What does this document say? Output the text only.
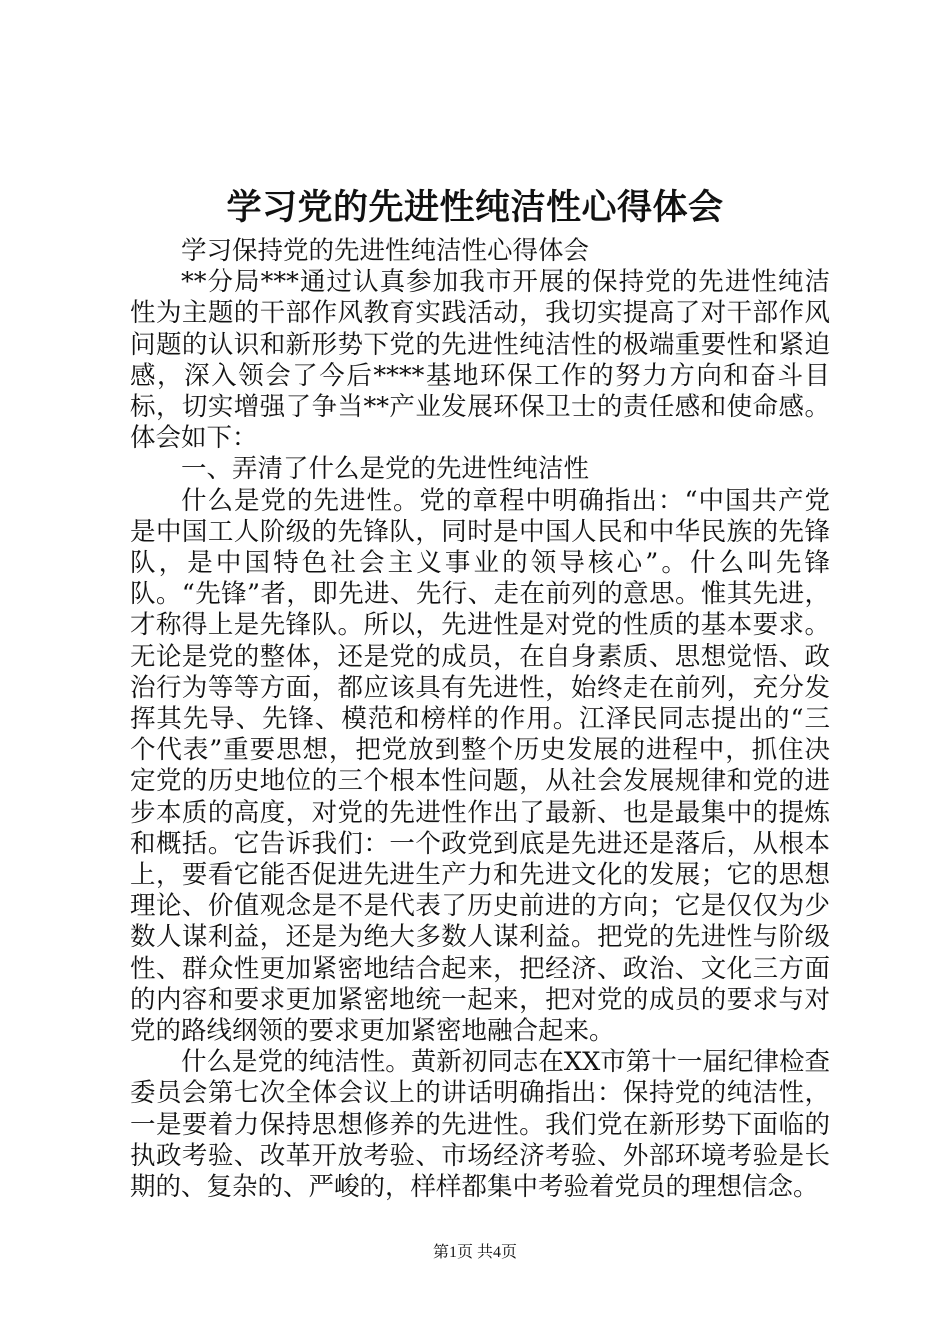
学习党的先进性纯洁性心得体会

学习保持党的先进性纯洁性心得体会

**分局***通过认真参加我市开展的保持党的先进性纯洁性为主题的干部作风教育实践活动，我切实提高了对干部作风问题的认识和新形势下党的先进性纯洁性的极端重要性和紧迫感，深入领会了今后****基地环保工作的努力方向和奋斗目标，切实增强了争当**产业发展环保卫士的责任感和使命感。体会如下：

一、弄清了什么是党的先进性纯洁性

什么是党的先进性。党的章程中明确指出：“中国共产党是中国工人阶级的先锋队，同时是中国人民和中华民族的先锋队，是中国特色社会主义事业的领导核心”。什么叫先锋队。“先锋”者，即先进、先行、走在前列的意思。惟其先进，才称得上是先锋队。所以，先进性是对党的性质的基本要求。无论是党的整体，还是党的成员，在自身素质、思想觉悟、政治行为等等方面，都应该具有先进性，始终走在前列，充分发挥其先导、先锋、模范和榜样的作用。江泽民同志提出的“三个代表”重要思想，把党放到整个历史发展的进程中，抓住决定党的历史地位的三个根本性问题，从社会发展规律和党的进步本质的高度，对党的先进性作出了最新、也是最集中的提炼和概括。它告诉我们：一个政党到底是先进还是落后，从根本上，要看它能否促进先进生产力和先进文化的发展；它的思想理论、价值观念是不是代表了历史前进的方向；它是仅仅为少数人谋利益，还是为绝大多数人谋利益。把党的先进性与阶级性、群众性更加紧密地结合起来，把经济、政治、文化三方面的内容和要求更加紧密地统一起来，把对党的成员的要求与对党的路线纲领的要求更加紧密地融合起来。

什么是党的纯洁性。黄新初同志在XX市第十一届纪律检查委员会第七次全体会议上的讲话明确指出：保持党的纯洁性，一是要着力保持思想修养的先进性。我们党在新形势下面临的执政考验、改革开放考验、市场经济考验、外部环境考验是长期的、复杂的、严峻的，样样都集中考验着党员的理想信念。

第1页 共4页
